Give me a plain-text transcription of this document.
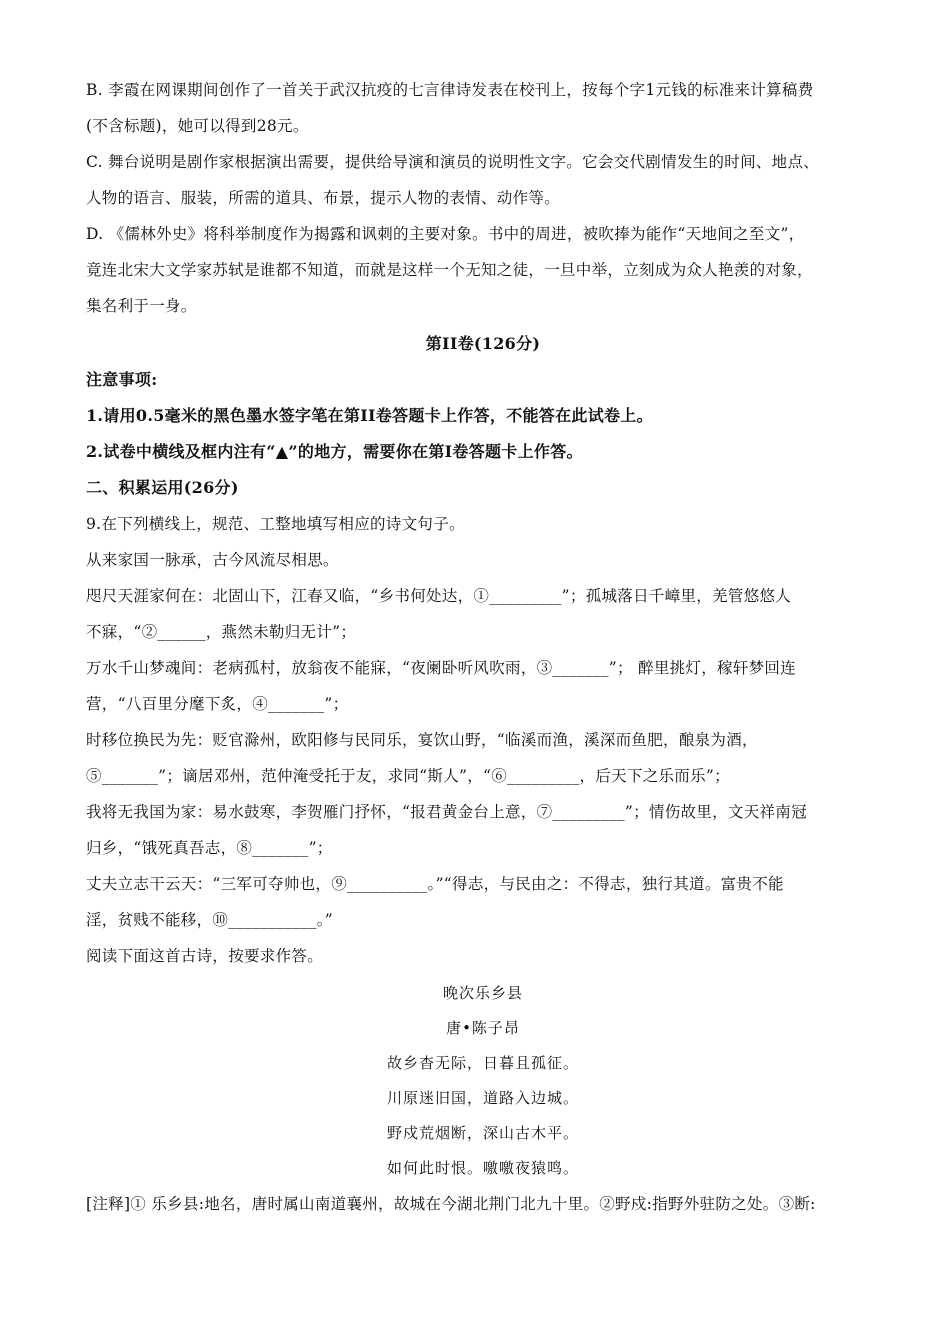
B. 李霞在网课期间创作了一首关于武汉抗疫的七言律诗发表在校刊上，按每个字1元钱的标准来计算稿费

(不含标题)，她可以得到28元。

C. 舞台说明是剧作家根据演出需要，提供给导演和演员的说明性文字。它会交代剧情发生的时间、地点、

人物的语言、服装，所需的道具、布景，提示人物的表情、动作等。

D. 《儒林外史》将科举制度作为揭露和讽刺的主要对象。书中的周进，被吹捧为能作“天地间之至文”，

竟连北宋大文学家苏轼是谁都不知道，而就是这样一个无知之徒，一旦中举，立刻成为众人艳羡的对象，

集名利于一身。

第II卷(126分)

注意事项:

1.请用0.5毫米的黑色墨水签字笔在第II卷答题卡上作答，不能答在此试卷上。

2.试卷中横线及框内注有“▲”的地方，需要你在第I卷答题卡上作答。

二、积累运用(26分)

9.在下列横线上，规范、工整地填写相应的诗文句子。

从来家国一脉承，古今风流尽相思。

咫尺天涯家何在：北固山下，江春又临，“乡书何处达，①_________”；孤城落日千嶂里，羌管悠悠人

不寐，“②______，燕然未勒归无计”；

万水千山梦魂间：老病孤村，放翁夜不能寐，“夜阑卧听风吹雨，③_______”； 醉里挑灯，稼轩梦回连

营，“八百里分麾下炙，④_______”；

时移位换民为先：贬官滁州，欧阳修与民同乐，宴饮山野，“临溪而渔，溪深而鱼肥，酿泉为酒，

⑤_______”；谪居邓州，范仲淹受托于友，求同“斯人”，“⑥_________，后天下之乐而乐”；

我将无我国为家：易水鼓寒，李贺雁门抒怀，“报君黄金台上意，⑦_________”；情伤故里，文天祥南冠

归乡，“饿死真吾志，⑧_______”；

丈夫立志干云天：“三军可夺帅也，⑨__________。”“得志，与民由之：不得志，独行其道。富贵不能

淫，贫贱不能移，⑩___________。”

阅读下面这首古诗，按要求作答。

晚次乐乡县

唐•陈子昂

故乡杳无际，日暮且孤征。

川原迷旧国，道路入边城。

野戍荒烟断，深山古木平。

如何此时恨。噭噭夜猿鸣。

[注释]① 乐乡县:地名，唐时属山南道襄州，故城在今湖北荆门北九十里。②野戍:指野外驻防之处。③断:
